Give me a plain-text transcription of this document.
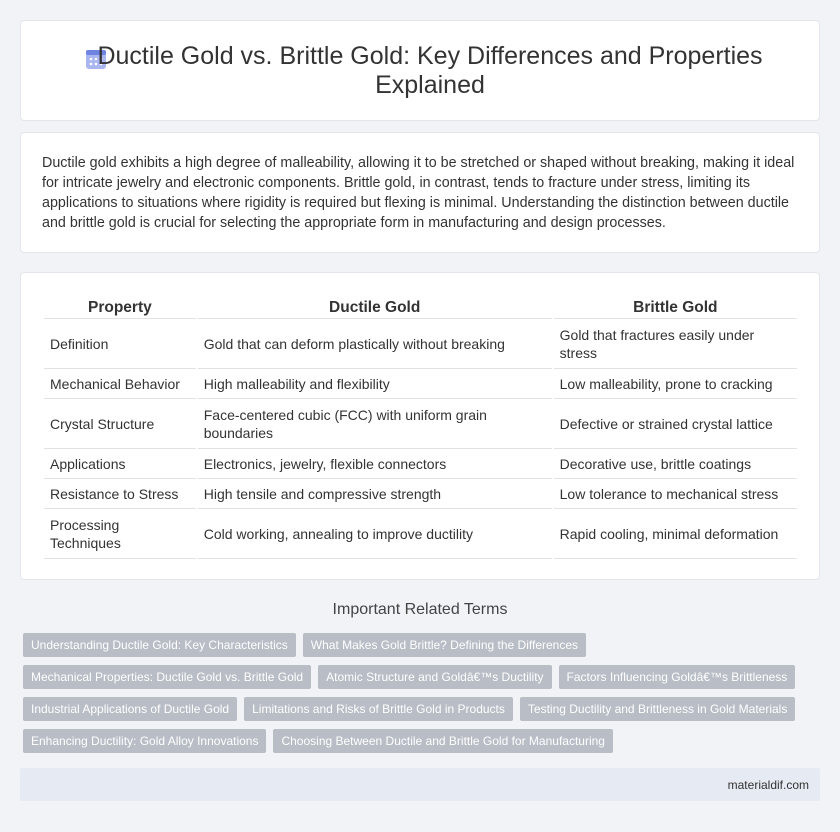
Ductile Gold vs. Brittle Gold: Key Differences and Properties Explained

Ductile gold exhibits a high degree of malleability, allowing it to be stretched or shaped without breaking, making it ideal for intricate jewelry and electronic components. Brittle gold, in contrast, tends to fracture under stress, limiting its applications to situations where rigidity is required but flexing is minimal. Understanding the distinction between ductile and brittle gold is crucial for selecting the appropriate form in manufacturing and design processes.

Property	Ductile Gold	Brittle Gold
Definition	Gold that can deform plastically without breaking	Gold that fractures easily under stress
Mechanical Behavior	High malleability and flexibility	Low malleability, prone to cracking
Crystal Structure	Face-centered cubic (FCC) with uniform grain boundaries	Defective or strained crystal lattice
Applications	Electronics, jewelry, flexible connectors	Decorative use, brittle coatings
Resistance to Stress	High tensile and compressive strength	Low tolerance to mechanical stress
Processing Techniques	Cold working, annealing to improve ductility	Rapid cooling, minimal deformation
Important Related Terms
Understanding Ductile Gold: Key Characteristics	What Makes Gold Brittle? Defining the Differences
Mechanical Properties: Ductile Gold vs. Brittle Gold	Atomic Structure and Goldâ€™s Ductility	Factors Influencing Goldâ€™s Brittleness
Industrial Applications of Ductile Gold	Limitations and Risks of Brittle Gold in Products	Testing Ductility and Brittleness in Gold Materials
Enhancing Ductility: Gold Alloy Innovations	Choosing Between Ductile and Brittle Gold for Manufacturing
materialdif.com
